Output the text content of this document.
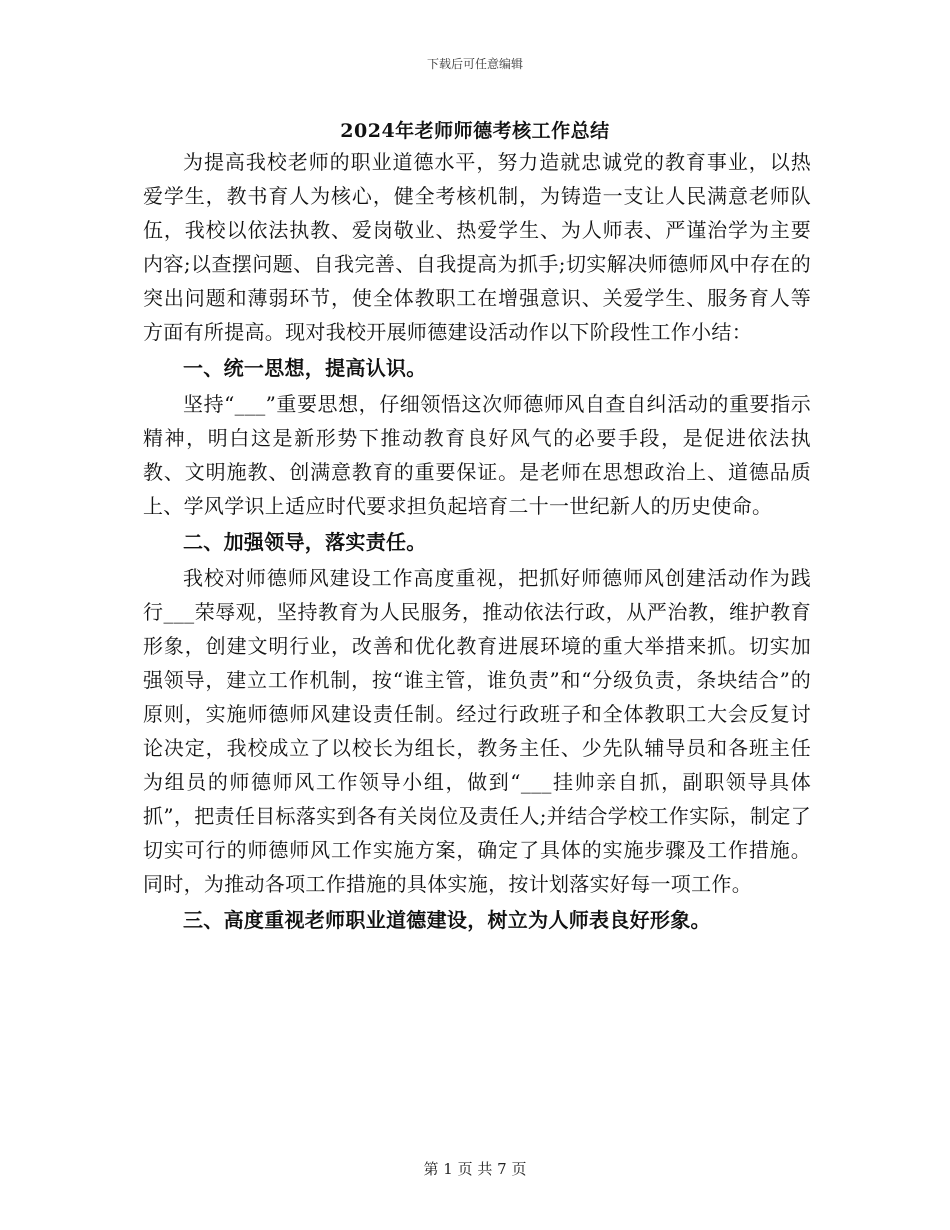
下载后可任意编辑
2024年老师师德考核工作总结

为提高我校老师的职业道德水平，努力造就忠诚党的教育事业，以热爱学生，教书育人为核心，健全考核机制，为铸造一支让人民满意老师队伍，我校以依法执教、爱岗敬业、热爱学生、为人师表、严谨治学为主要内容;以查摆问题、自我完善、自我提高为抓手;切实解决师德师风中存在的突出问题和薄弱环节，使全体教职工在增强意识、关爱学生、服务育人等方面有所提高。现对我校开展师德建设活动作以下阶段性工作小结：

一、统一思想，提高认识。

坚持“___”重要思想，仔细领悟这次师德师风自查自纠活动的重要指示精神，明白这是新形势下推动教育良好风气的必要手段，是促进依法执教、文明施教、创满意教育的重要保证。是老师在思想政治上、道德品质上、学风学识上适应时代要求担负起培育二十一世纪新人的历史使命。

二、加强领导，落实责任。

我校对师德师风建设工作高度重视，把抓好师德师风创建活动作为践行___荣辱观，坚持教育为人民服务，推动依法行政，从严治教，维护教育形象，创建文明行业，改善和优化教育进展环境的重大举措来抓。切实加强领导，建立工作机制，按“谁主管，谁负责”和“分级负责，条块结合”的原则，实施师德师风建设责任制。经过行政班子和全体教职工大会反复讨论决定，我校成立了以校长为组长，教务主任、少先队辅导员和各班主任为组员的师德师风工作领导小组，做到“___挂帅亲自抓，副职领导具体抓”，把责任目标落实到各有关岗位及责任人;并结合学校工作实际，制定了切实可行的师德师风工作实施方案，确定了具体的实施步骤及工作措施。同时，为推动各项工作措施的具体实施，按计划落实好每一项工作。

三、高度重视老师职业道德建设，树立为人师表良好形象。

第 1 页 共 7 页
